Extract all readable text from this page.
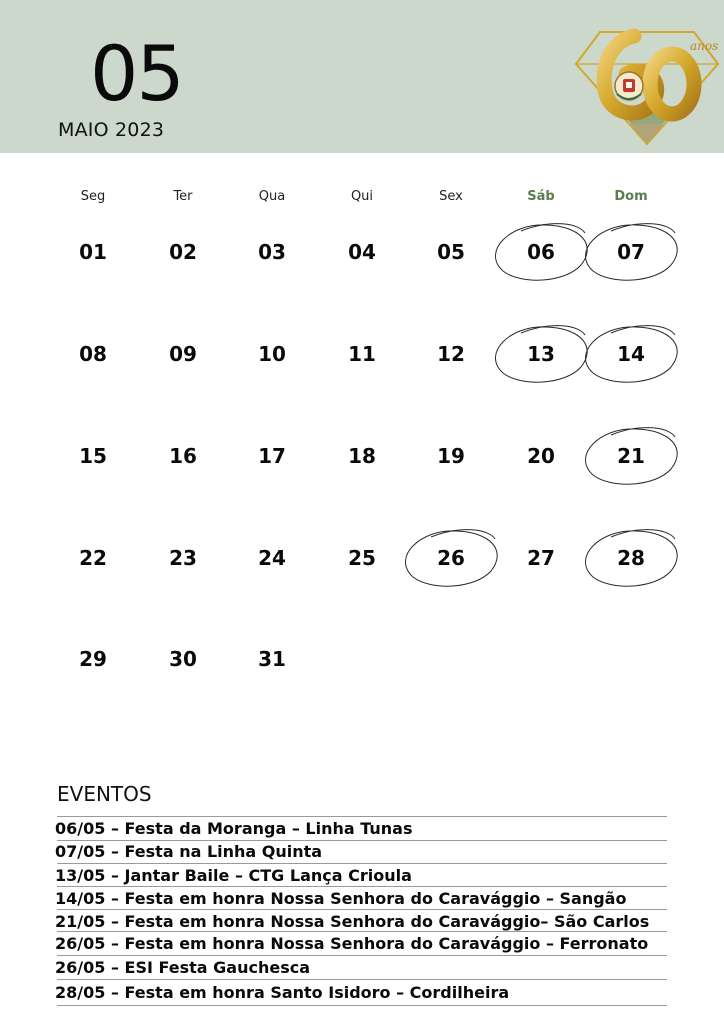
05
MAIO 2023
anos
Seg	Ter	Qua	Qui	Sex	Sáb	Dom
01	02	03	04	05	06	07
08	09	10	11	12	13	14
15	16	17	18	19	20	21
22	23	24	25	26	27	28
29	30	31
EVENTOS
06/05 – Festa da Moranga – Linha Tunas
07/05 – Festa na Linha Quinta
13/05 – Jantar Baile – CTG Lança Crioula
14/05 – Festa em honra Nossa Senhora do Caravággio – Sangão
21/05 – Festa em honra Nossa Senhora do Caravággio– São Carlos
26/05 – Festa em honra Nossa Senhora do Caravággio – Ferronato
26/05 – ESI Festa Gauchesca
28/05 – Festa em honra Santo Isidoro – Cordilheira
